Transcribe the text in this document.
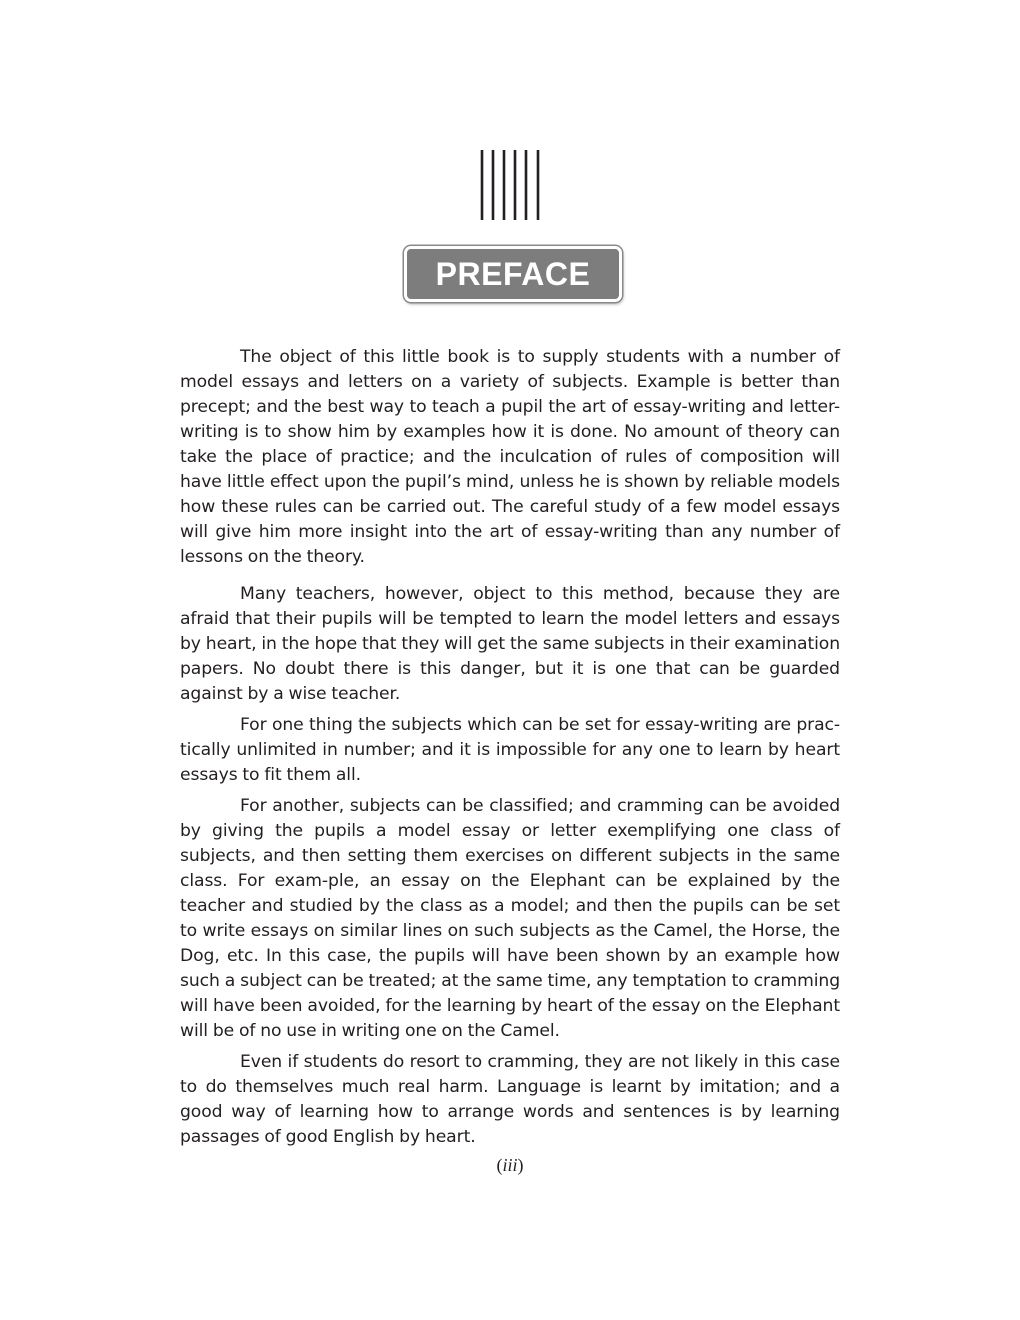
PREFACE

The object of this little book is to supply students with a number of model essays and letters on a variety of subjects. Example is better than precept; and the best way to teach a pupil the art of essay-writing and letter-writing is to show him by examples how it is done. No amount of theory can take the place of practice; and the inculcation of rules of composition will have little effect upon the pupil’s mind, unless he is shown by reliable models how these rules can be carried out. The careful study of a few model essays will give him more insight into the art of essay-writing than any number of lessons on the theory.

Many teachers, however, object to this method, because they are afraid that their pupils will be tempted to learn the model letters and essays by heart, in the hope that they will get the same subjects in their examination papers. No doubt there is this danger, but it is one that can be guarded against by a wise teacher.

For one thing the subjects which can be set for essay-writing are prac-tically unlimited in number; and it is impossible for any one to learn by heart essays to fit them all.

For another, subjects can be classified; and cramming can be avoided by giving the pupils a model essay or letter exemplifying one class of subjects, and then setting them exercises on different subjects in the same class. For exam-ple, an essay on the Elephant can be explained by the teacher and studied by the class as a model; and then the pupils can be set to write essays on similar lines on such subjects as the Camel, the Horse, the Dog, etc. In this case, the pupils will have been shown by an example how such a subject can be treated; at the same time, any temptation to cramming will have been avoided, for the learning by heart of the essay on the Elephant will be of no use in writing one on the Camel.

Even if students do resort to cramming, they are not likely in this case to do themselves much real harm. Language is learnt by imitation; and a good way of learning how to arrange words and sentences is by learning passages of good English by heart.

(iii)
